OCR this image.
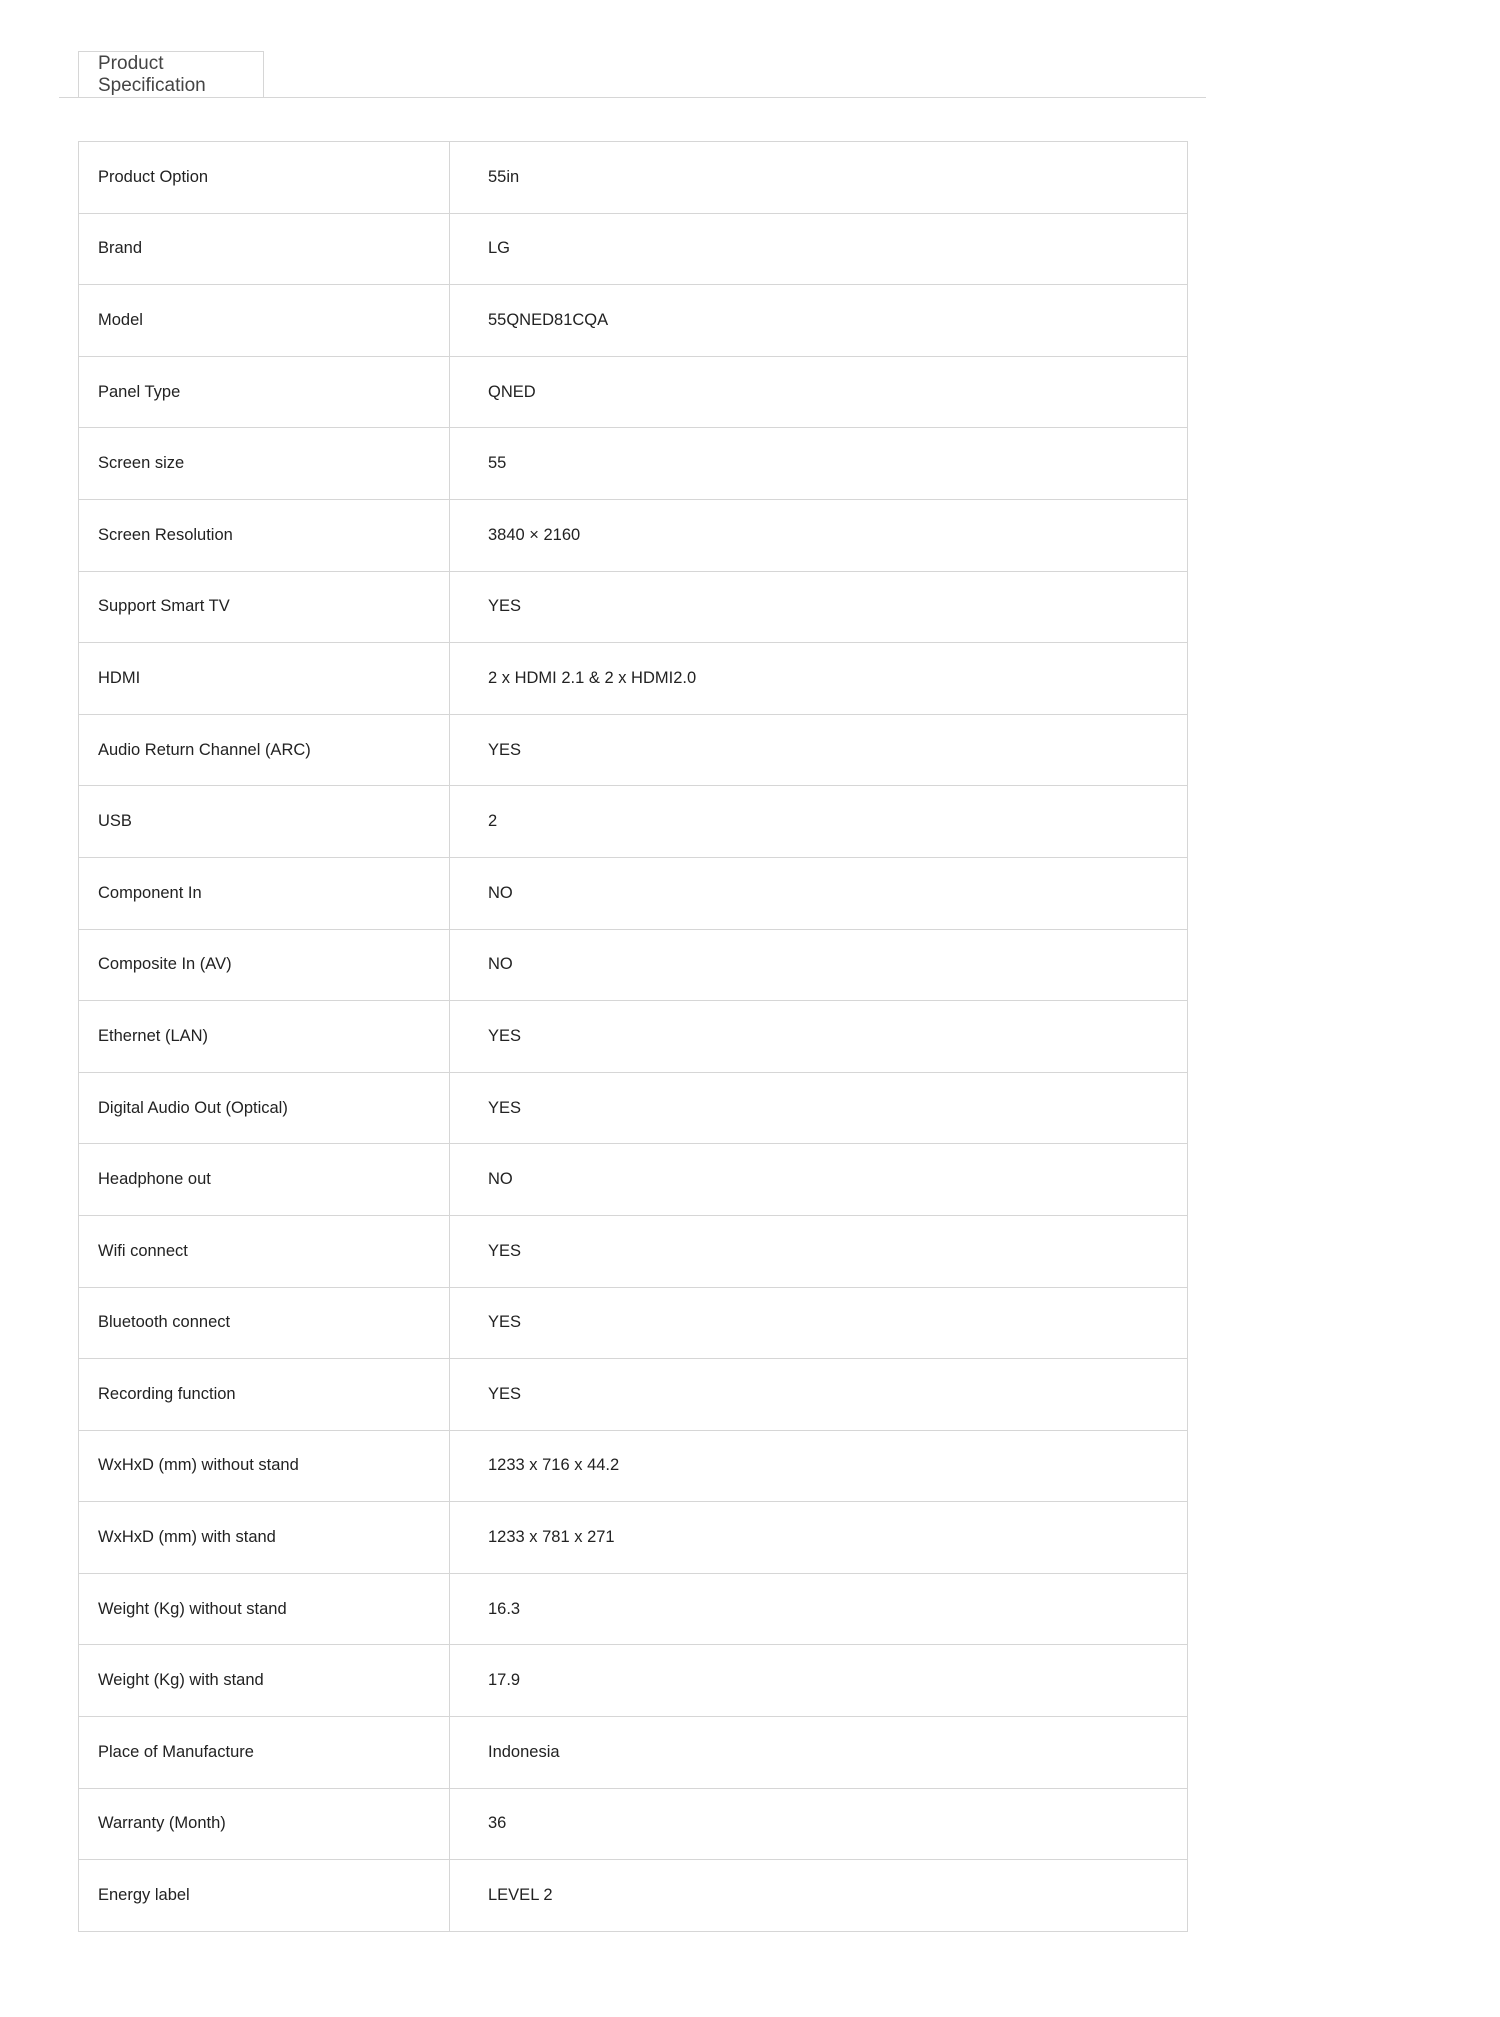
Product Specification
Product Option	55in
Brand	LG
Model	55QNED81CQA
Panel Type	QNED
Screen size	55
Screen Resolution	3840 × 2160
Support Smart TV	YES
HDMI	2 x HDMI 2.1 & 2 x HDMI2.0
Audio Return Channel (ARC)	YES
USB	2
Component In	NO
Composite In (AV)	NO
Ethernet (LAN)	YES
Digital Audio Out (Optical)	YES
Headphone out	NO
Wifi connect	YES
Bluetooth connect	YES
Recording function	YES
WxHxD (mm) without stand	1233 x 716 x 44.2
WxHxD (mm) with stand	1233 x 781 x 271
Weight (Kg) without stand	16.3
Weight (Kg) with stand	17.9
Place of Manufacture	Indonesia
Warranty (Month)	36
Energy label	LEVEL 2
